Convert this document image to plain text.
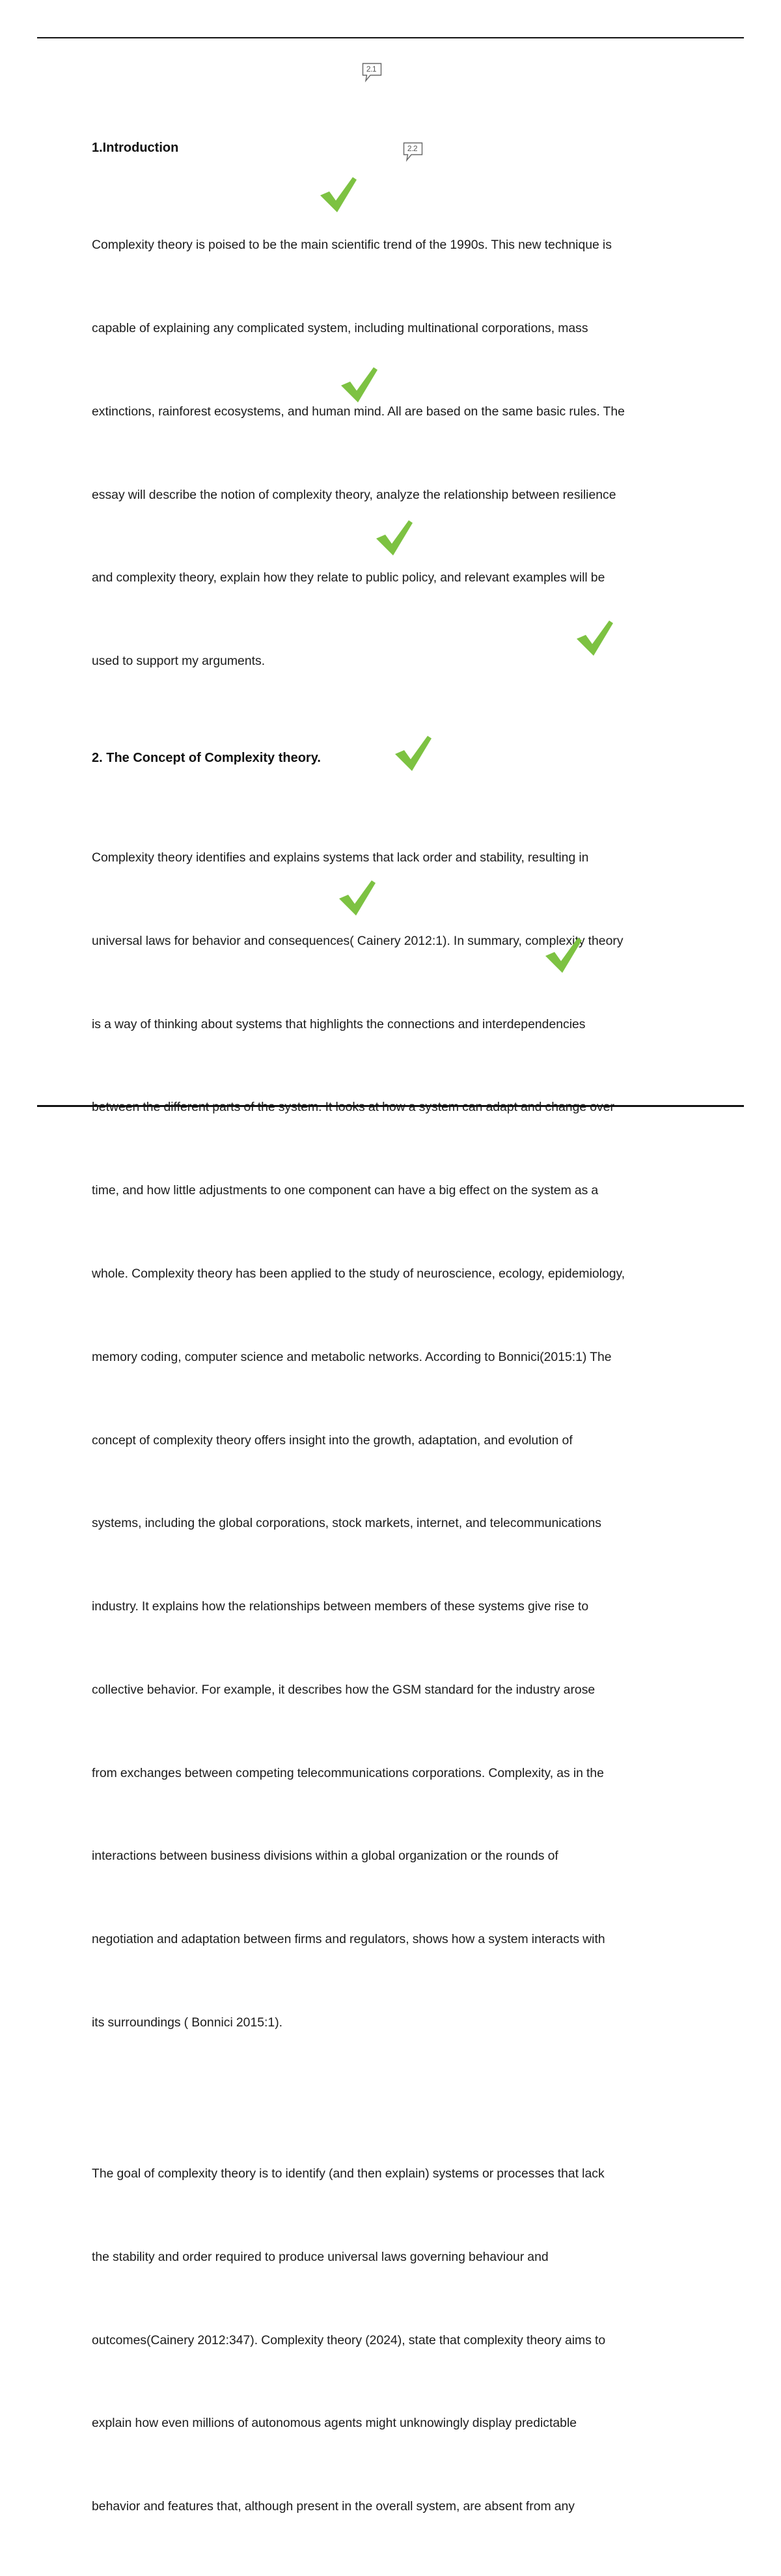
2.1
2.2
1.Introduction

Complexity theory is poised to be the main scientific trend of the 1990s. This new technique is

capable of explaining any complicated system, including multinational corporations, mass

extinctions, rainforest ecosystems, and human mind. All are based on the same basic rules. The

essay will describe the notion of complexity theory, analyze the relationship between resilience

and complexity theory, explain how they relate to public policy, and relevant examples will be

used to support my arguments.

2. The Concept of Complexity theory.

Complexity theory identifies and explains systems that lack order and stability, resulting in

universal laws for behavior and consequences( Cainery 2012:1). In summary, complexity theory

is a way of thinking about systems that highlights the connections and interdependencies

between the different parts of the system. It looks at how a system can adapt and change over

time, and how little adjustments to one component can have a big effect on the system as a

whole. Complexity theory has been applied to the study of neuroscience, ecology, epidemiology,

memory coding, computer science and metabolic networks. According to Bonnici(2015:1) The

concept of complexity theory offers insight into the growth, adaptation, and evolution of

systems, including the global corporations, stock markets, internet, and telecommunications

industry. It explains how the relationships between members of these systems give rise to

collective behavior. For example, it describes how the GSM standard for the industry arose

from exchanges between competing telecommunications corporations. Complexity, as in the

interactions between business divisions within a global organization or the rounds of

negotiation and adaptation between firms and regulators, shows how a system interacts with

its surroundings ( Bonnici 2015:1).

The goal of complexity theory is to identify (and then explain) systems or processes that lack

the stability and order required to produce universal laws governing behaviour and

outcomes(Cainery 2012:347). Complexity theory (2024), state that complexity theory aims to

explain how even millions of autonomous agents might unknowingly display predictable

behavior and features that, although present in the overall system, are absent from any
